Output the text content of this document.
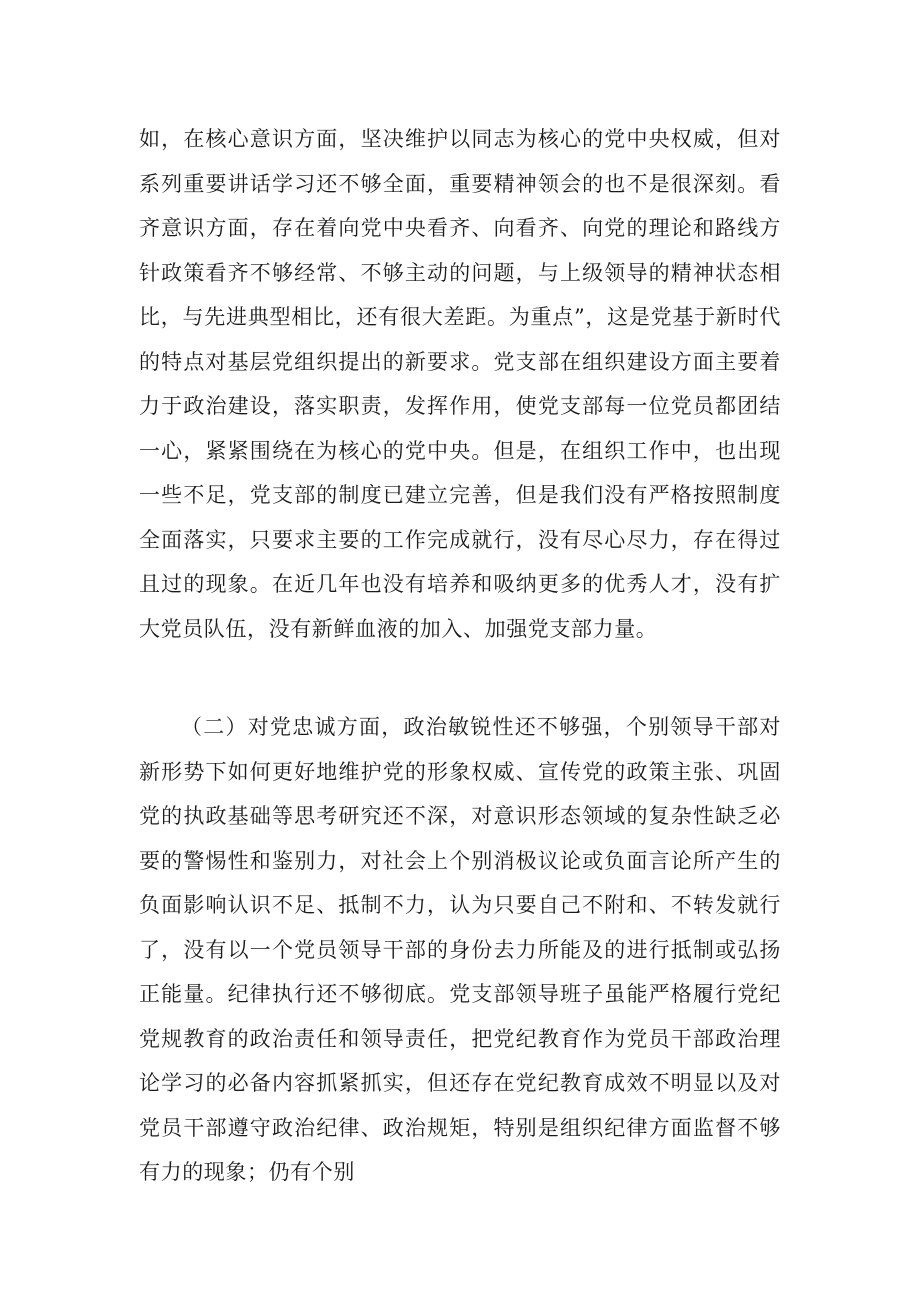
如，在核心意识方面，坚决维护以同志为核心的党中央权威，但对系列重要讲话学习还不够全面，重要精神领会的也不是很深刻。看齐意识方面，存在着向党中央看齐、向看齐、向党的理论和路线方针政策看齐不够经常、不够主动的问题，与上级领导的精神状态相比，与先进典型相比，还有很大差距。为重点”，这是党基于新时代的特点对基层党组织提出的新要求。党支部在组织建设方面主要着力于政治建设，落实职责，发挥作用，使党支部每一位党员都团结一心，紧紧围绕在为核心的党中央。但是，在组织工作中，也出现一些不足，党支部的制度已建立完善，但是我们没有严格按照制度全面落实，只要求主要的工作完成就行，没有尽心尽力，存在得过且过的现象。在近几年也没有培养和吸纳更多的优秀人才，没有扩大党员队伍，没有新鲜血液的加入、加强党支部力量。

（二）对党忠诚方面，政治敏锐性还不够强，个别领导干部对新形势下如何更好地维护党的形象权威、宣传党的政策主张、巩固党的执政基础等思考研究还不深，对意识形态领域的复杂性缺乏必要的警惕性和鉴别力，对社会上个别消极议论或负面言论所产生的负面影响认识不足、抵制不力，认为只要自己不附和、不转发就行了，没有以一个党员领导干部的身份去力所能及的进行抵制或弘扬正能量。纪律执行还不够彻底。党支部领导班子虽能严格履行党纪党规教育的政治责任和领导责任，把党纪教育作为党员干部政治理论学习的必备内容抓紧抓实，但还存在党纪教育成效不明显以及对党员干部遵守政治纪律、政治规矩，特别是组织纪律方面监督不够有力的现象；仍有个别
